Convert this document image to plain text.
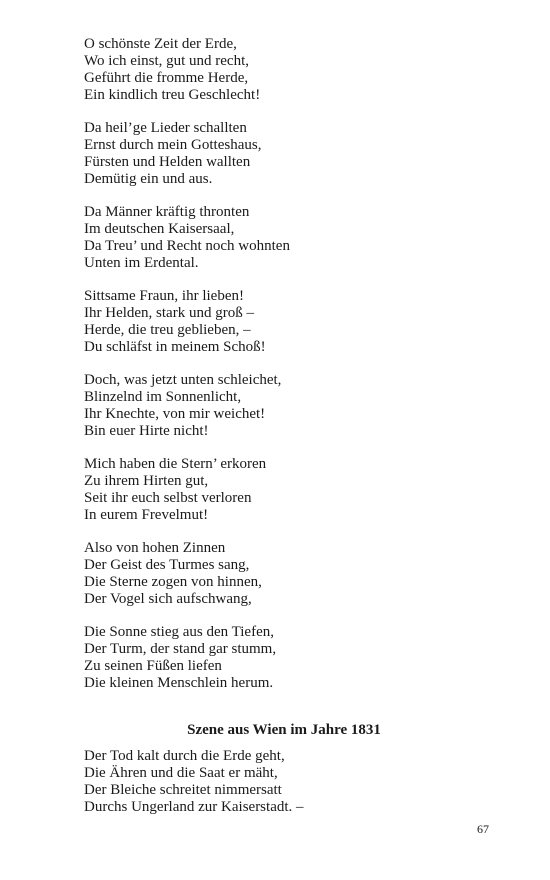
O schönste Zeit der Erde,
Wo ich einst, gut und recht,
Geführt die fromme Herde,
Ein kindlich treu Geschlecht!
Da heil’ge Lieder schallten
Ernst durch mein Gotteshaus,
Fürsten und Helden wallten
Demütig ein und aus.
Da Männer kräftig thronten
Im deutschen Kaisersaal,
Da Treu’ und Recht noch wohnten
Unten im Erdental.
Sittsame Fraun, ihr lieben!
Ihr Helden, stark und groß –
Herde, die treu geblieben, –
Du schläfst in meinem Schoß!
Doch, was jetzt unten schleichet,
Blinzelnd im Sonnenlicht,
Ihr Knechte, von mir weichet!
Bin euer Hirte nicht!
Mich haben die Stern’ erkoren
Zu ihrem Hirten gut,
Seit ihr euch selbst verloren
In eurem Frevelmut!
Also von hohen Zinnen
Der Geist des Turmes sang,
Die Sterne zogen von hinnen,
Der Vogel sich aufschwang,
Die Sonne stieg aus den Tiefen,
Der Turm, der stand gar stumm,
Zu seinen Füßen liefen
Die kleinen Menschlein herum.
Szene aus Wien im Jahre 1831
Der Tod kalt durch die Erde geht,
Die Ähren und die Saat er mäht,
Der Bleiche schreitet nimmersatt
Durchs Ungerland zur Kaiserstadt. –
67
